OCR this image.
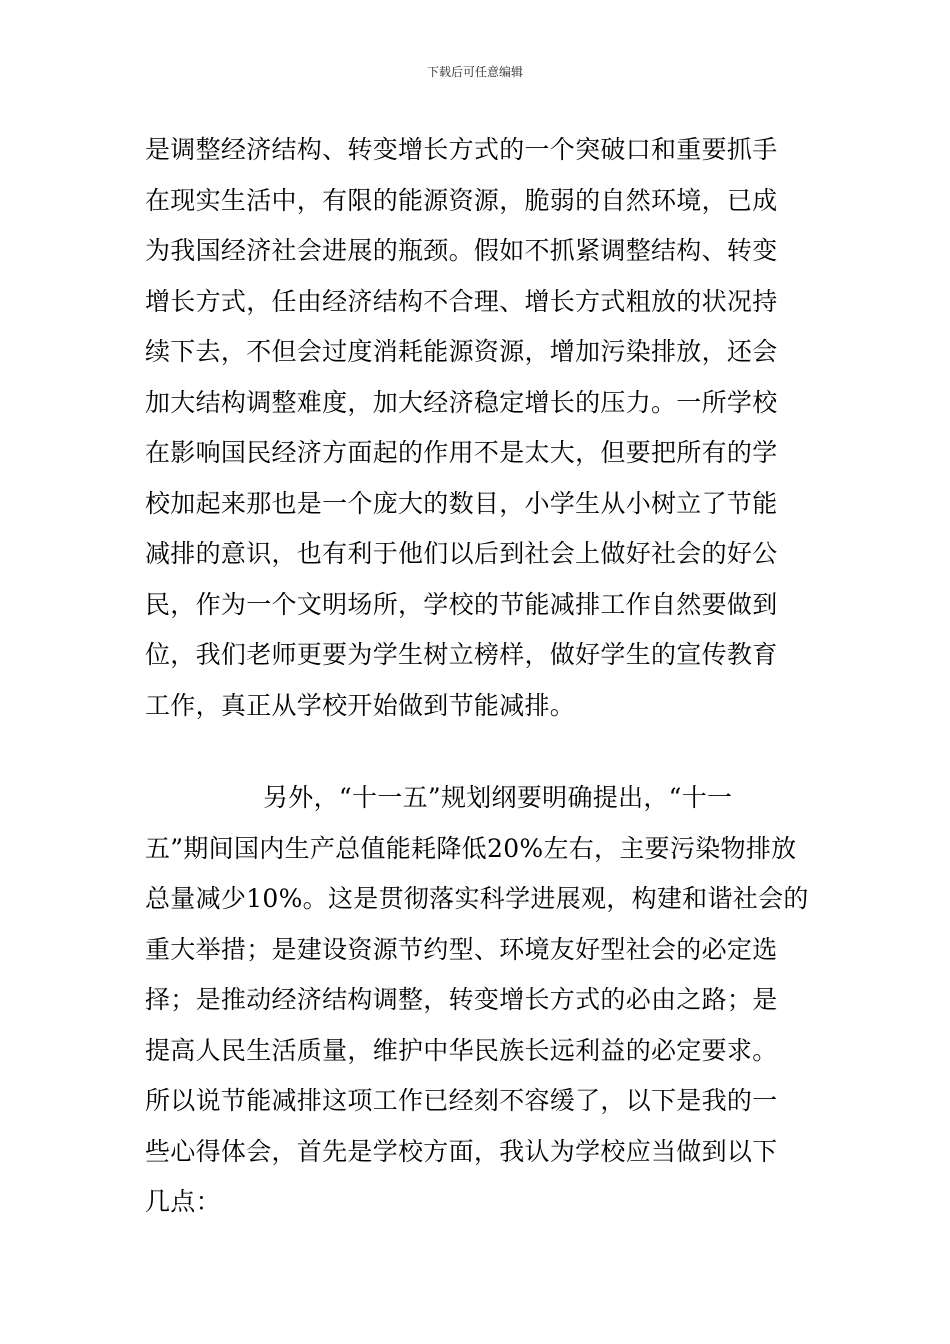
下载后可任意编辑
是调整经济结构、转变增长方式的一个突破口和重要抓手
在现实生活中，有限的能源资源，脆弱的自然环境，已成
为我国经济社会进展的瓶颈。假如不抓紧调整结构、转变
增长方式，任由经济结构不合理、增长方式粗放的状况持
续下去，不但会过度消耗能源资源，增加污染排放，还会
加大结构调整难度，加大经济稳定增长的压力。一所学校
在影响国民经济方面起的作用不是太大，但要把所有的学
校加起来那也是一个庞大的数目，小学生从小树立了节能
减排的意识，也有利于他们以后到社会上做好社会的好公
民，作为一个文明场所，学校的节能减排工作自然要做到
位，我们老师更要为学生树立榜样，做好学生的宣传教育
工作，真正从学校开始做到节能减排。
另外，“十一五”规划纲要明确提出，“十一
五”期间国内生产总值能耗降低20%左右，主要污染物排放
总量减少10%。这是贯彻落实科学进展观，构建和谐社会的
重大举措；是建设资源节约型、环境友好型社会的必定选
择；是推动经济结构调整，转变增长方式的必由之路；是
提高人民生活质量，维护中华民族长远利益的必定要求。
所以说节能减排这项工作已经刻不容缓了，以下是我的一
些心得体会，首先是学校方面，我认为学校应当做到以下
几点：
